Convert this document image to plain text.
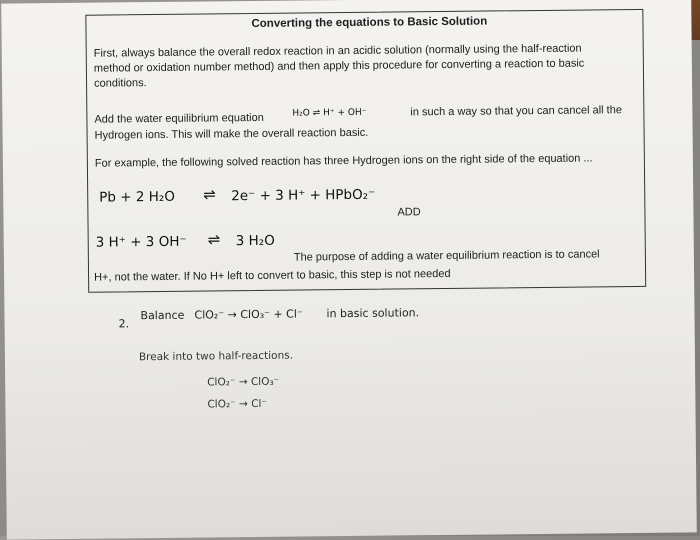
Converting the equations to Basic Solution
First, always balance the overall redox reaction in an acidic solution (normally using the half-reaction
method or oxidation number method) and then apply this procedure for converting a reaction to basic
conditions.
Add the water equilibrium equation	H₂O ⇌ H⁺ + OH⁻	in such a way so that you can cancel all the
Hydrogen ions. This will make the overall reaction basic.
For example, the following solved reaction has three Hydrogen ions on the right side of the equation ...
Pb + 2 H₂O ⇌ 2e⁻ + 3 H⁺ + HPbO₂⁻
ADD
3 H⁺ + 3 OH⁻ ⇌ 3 H₂O
The purpose of adding a water equilibrium reaction is to cancel
H+, not the water. If No H+ left to convert to basic, this step is not needed
2.
Balance ClO₂⁻ → ClO₃⁻ + Cl⁻ in basic solution.
Break into two half-reactions.
ClO₂⁻ → ClO₃⁻
ClO₂⁻ → Cl⁻
